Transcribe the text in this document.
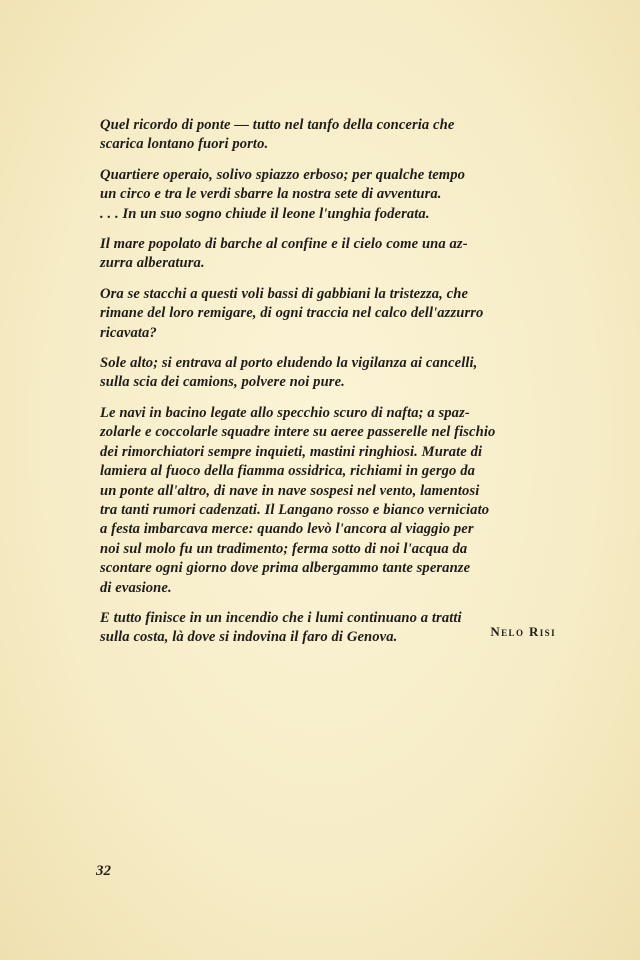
Quel ricordo di ponte — tutto nel tanfo della conceria che
scarica lontano fuori porto.

Quartiere operaio, solivo spiazzo erboso; per qualche tempo
un circo e tra le verdi sbarre la nostra sete di avventura.
. . . In un suo sogno chiude il leone l'unghia foderata.

Il mare popolato di barche al confine e il cielo come una az-
zurra alberatura.

Ora se stacchi a questi voli bassi di gabbiani la tristezza, che
rimane del loro remigare, di ogni traccia nel calco dell'azzurro
ricavata?

Sole alto; si entrava al porto eludendo la vigilanza ai cancelli,
sulla scia dei camions, polvere noi pure.

Le navi in bacino legate allo specchio scuro di nafta; a spaz-
zolarle e coccolarle squadre intere su aeree passerelle nel fischio
dei rimorchiatori sempre inquieti, mastini ringhiosi. Murate di
lamiera al fuoco della fiamma ossidrica, richiami in gergo da
un ponte all'altro, di nave in nave sospesi nel vento, lamentosi
tra tanti rumori cadenzati. Il Langano rosso e bianco verniciato
a festa imbarcava merce: quando levò l'ancora al viaggio per
noi sul molo fu un tradimento; ferma sotto di noi l'acqua da
scontare ogni giorno dove prima albergammo tante speranze
di evasione.

E tutto finisce in un incendio che i lumi continuano a tratti
sulla costa, là dove si indovina il faro di Genova.	Nelo Risi
32
